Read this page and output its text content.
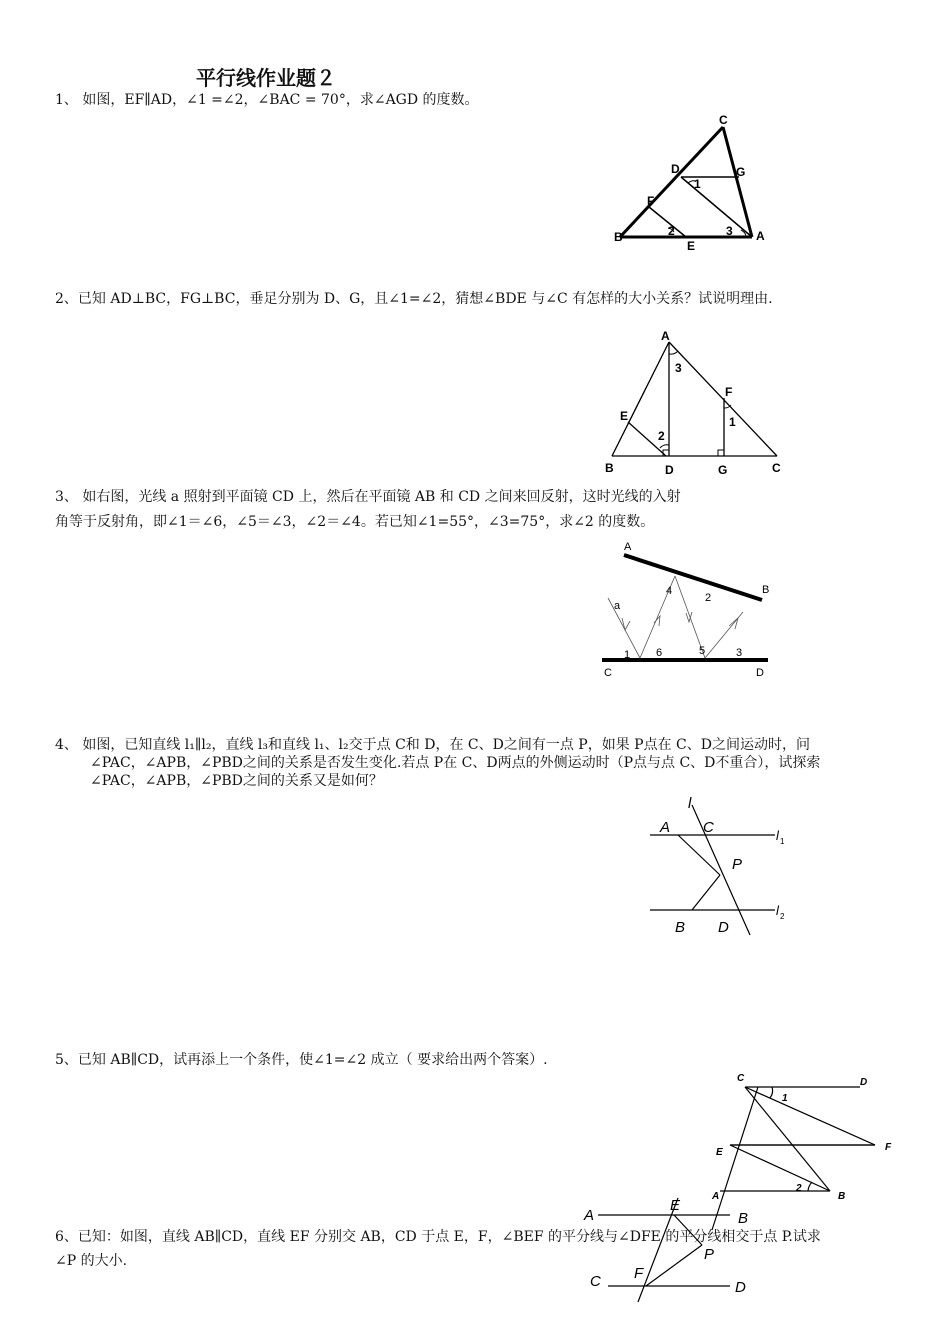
平行线作业题２
1、 如图，EF∥AD，∠1 =∠2，∠BAC = 70°，求∠AGD 的度数。
C
D	G
F
B
E
A
1
2	3
2、已知 AD⊥BC，FG⊥BC，垂足分别为 D、G，且∠1=∠2，猜想∠BDE 与∠C 有怎样的大小关系？试说明理由.
A
E
F
B	D	G	C
3
1
2
3、 如右图，光线 a 照射到平面镜 CD 上，然后在平面镜 AB 和 CD 之间来回反射，这时光线的入射
角等于反射角，即∠1＝∠6，∠5＝∠3，∠2＝∠4。若已知∠1=55°，∠3=75°，求∠2 的度数。
A
B
C	D
a
1 6
4
2
5	3
4、 如图，已知直线 l₁∥l₂，直线 l₃和直线 l₁、l₂交于点 C和 D，在 C、D之间有一点 P，如果 P点在 C、D之间运动时，问
∠PAC，∠APB，∠PBD之间的关系是否发生变化.若点 P在 C、D两点的外侧运动时（P点与点 C、D不重合），试探索
∠PAC，∠APB，∠PBD之间的关系又是如何？
l
A C
P
B D
l 1
l 2
5、已知 AB∥CD，试再添上一个条件，使∠1=∠2 成立（ 要求给出两个答案）.
C	D
E	F
A	B
1
2
6、已知：如图，直线 AB∥CD，直线 EF 分别交 AB，CD 于点 E，F，∠BEF 的平分线与∠DFE 的平分线相交于点 P.试求
∠P 的大小.
A	B
E
P
C F
D
